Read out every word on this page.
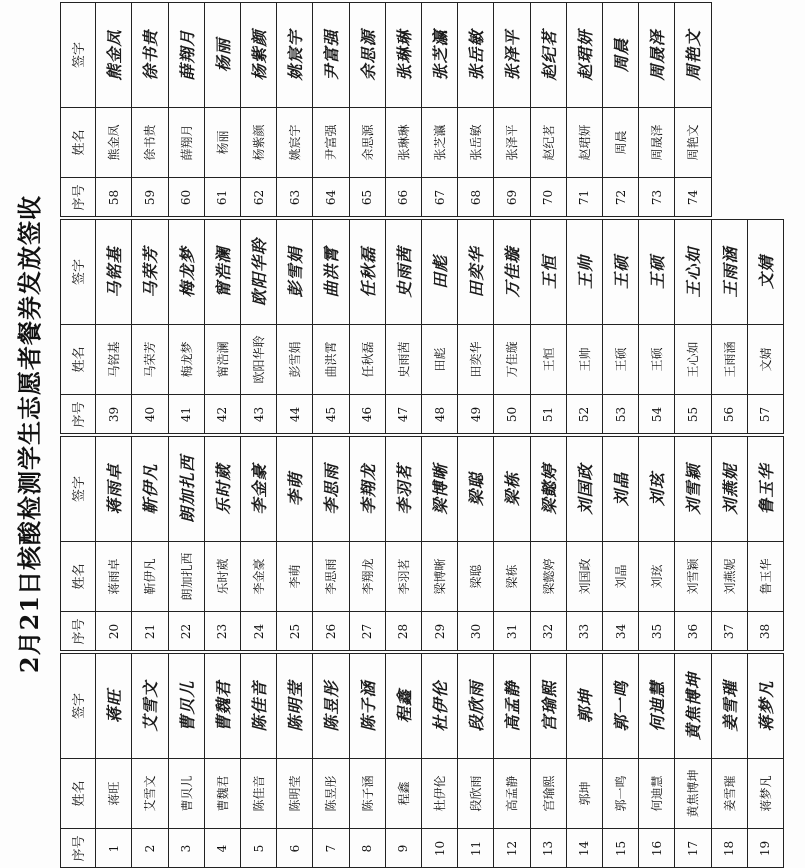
2月21日核酸检测学生志愿者餐券发放签收
序号
姓名
签字
1
蒋旺
蒋旺
2
艾雪文
艾雪文
3
曹贝儿
曹贝儿
4
曹魏君
曹魏君
5
陈佳音
陈佳音
6
陈明莹
陈明莹
7
陈昱彤
陈昱彤
8
陈子涵
陈子涵
9
程鑫
程鑫
10
杜伊伦
杜伊伦
11
段欣雨
段欣雨
12
高孟静
高孟静
13
宫瑜熙
宫瑜熙
14
郭坤
郭坤
15
郭一鸣
郭一鸣
16
何迪慧
何迪慧
17
黄焦博坤
黄焦博坤
18
姜雪璀
姜雪璀
19
蒋梦凡
蒋梦凡
序号
姓名
签字
20
蒋雨卓
蒋雨卓
21
靳伊凡
靳伊凡
22
朗加扎西
朗加扎西
23
乐时葳
乐时葳
24
李金豪
李金豪
25
李萌
李萌
26
李思雨
李思雨
27
李翔龙
李翔龙
28
李羽茗
李羽茗
29
梁博晰
梁博晰
30
梁聪
梁聪
31
梁栋
梁栋
32
梁懿婷
梁懿婷
33
刘国政
刘国政
34
刘晶
刘晶
35
刘玹
刘玹
36
刘雪颖
刘雪颖
37
刘燕妮
刘燕妮
38
鲁玉华
鲁玉华
序号
姓名
签字
39
马铭基
马铭基
40
马荣芳
马荣芳
41
梅龙梦
梅龙梦
42
甯浩澜
甯浩澜
43
欧阳华聆
欧阳华聆
44
彭雪娟
彭雪娟
45
曲洪霄
曲洪霄
46
任秋磊
任秋磊
47
史雨茜
史雨茜
48
田彪
田彪
49
田奕华
田奕华
50
万佳璇
万佳璇
51
王恒
王恒
52
王帅
王帅
53
王硕
王硕
54
王硕
王硕
55
王心如
王心如
56
王雨涵
王雨涵
57
文婧
文婧
序号
姓名
签字
58
熊金凤
熊金凤
59
徐书贵
徐书贵
60
薛翔月
薛翔月
61
杨丽
杨丽
62
杨紫颜
杨紫颜
63
姚宸宇
姚宸宇
64
尹富强
尹富强
65
余思源
余思源
66
张琳琳
张琳琳
67
张芝瀛
张芝瀛
68
张岳敏
张岳敏
69
张泽平
张泽平
70
赵纪茗
赵纪茗
71
赵珺妍
赵珺妍
72
周晨
周晨
73
周晟泽
周晟泽
74
周艳文
周艳文
